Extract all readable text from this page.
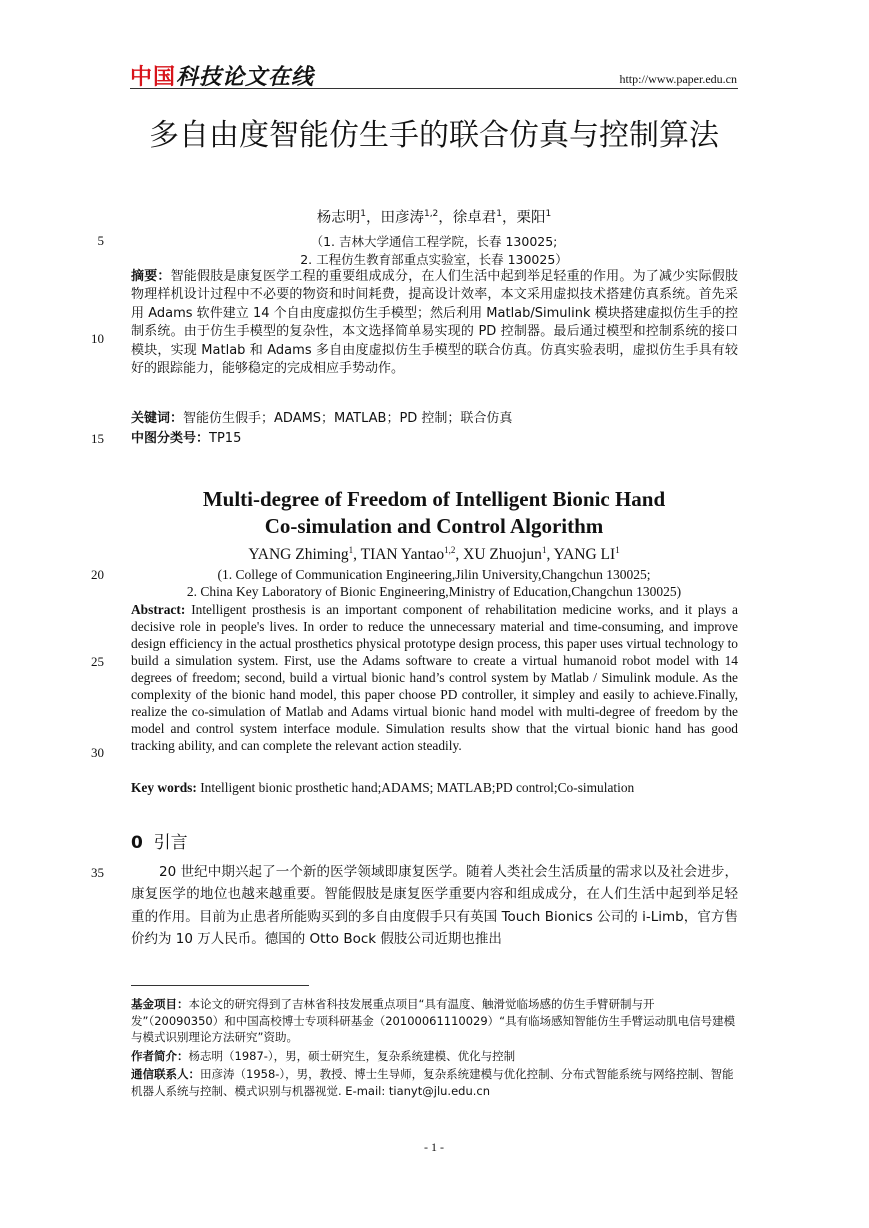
中国科技论文在线	http://www.paper.edu.cn
多自由度智能仿生手的联合仿真与控制算法
杨志明$^1$，田彦涛$^{1,2}$，徐卓君$^1$，栗阳$^1$
（1. 吉林大学通信工程学院，长春 130025;
2. 工程仿生教育部重点实验室，长春 130025）
5
10
15
20
25
30
35
摘要：智能假肢是康复医学工程的重要组成成分，在人们生活中起到举足轻重的作用。为了减少实际假肢物理样机设计过程中不必要的物资和时间耗费，提高设计效率，本文采用虚拟技术搭建仿真系统。首先采用 Adams 软件建立 14 个自由度虚拟仿生手模型；然后利用 Matlab/Simulink 模块搭建虚拟仿生手的控制系统。由于仿生手模型的复杂性，本文选择简单易实现的 PD 控制器。最后通过模型和控制系统的接口模块，实现 Matlab 和 Adams 多自由度虚拟仿生手模型的联合仿真。仿真实验表明，虚拟仿生手具有较好的跟踪能力，能够稳定的完成相应手势动作。
关键词：智能仿生假手；ADAMS；MATLAB；PD 控制；联合仿真
中图分类号：TP15
Multi-degree of Freedom of Intelligent Bionic Hand
Co-simulation and Control Algorithm
YANG Zhiming$^1$, TIAN Yantao$^{1,2}$, XU Zhuojun$^1$, YANG $LI^1$
(1. College of Communication Engineering,Jilin University,Changchun 130025;
2. China Key Laboratory of Bionic Engineering,Ministry of Education,Changchun 130025)
Abstract: Intelligent prosthesis is an important component of rehabilitation medicine works, and it plays a decisive role in people's lives. In order to reduce the unnecessary material and time-consuming, and improve design efficiency in the actual prosthetics physical prototype design process, this paper uses virtual technology to build a simulation system. First, use the Adams software to create a virtual humanoid robot model with 14 degrees of freedom; second, build a virtual bionic hand’s control system by Matlab / Simulink module. As the complexity of the bionic hand model, this paper choose PD controller, it simpley and easily to achieve.Finally, realize the co-simulation of Matlab and Adams virtual bionic hand model with multi-degree of freedom by the model and control system interface module. Simulation results show that the virtual bionic hand has good tracking ability, and can complete the relevant action steadily.
Key words: Intelligent bionic prosthetic hand;ADAMS; MATLAB;PD control;Co-simulation
0 引言
20 世纪中期兴起了一个新的医学领域即康复医学。随着人类社会生活质量的需求以及社会进步，康复医学的地位也越来越重要。智能假肢是康复医学重要内容和组成成分，在人们生活中起到举足轻重的作用。目前为止患者所能购买到的多自由度假手只有英国 Touch Bionics 公司的 i-Limb，官方售价约为 10 万人民币。德国的 Otto Bock 假肢公司近期也推出
基金项目：本论文的研究得到了吉林省科技发展重点项目“具有温度、触滑觉临场感的仿生手臂研制与开发”（20090350）和中国高校博士专项科研基金（20100061110029）“具有临场感知智能仿生手臂运动肌电信号建模与模式识别理论方法研究”资助。
作者简介：杨志明（1987-），男，硕士研究生，复杂系统建模、优化与控制
通信联系人：田彦涛（1958-），男，教授、博士生导师，复杂系统建模与优化控制、分布式智能系统与网络控制、智能机器人系统与控制、模式识别与机器视觉. E-mail: tianyt@jlu.edu.cn
- 1 -
